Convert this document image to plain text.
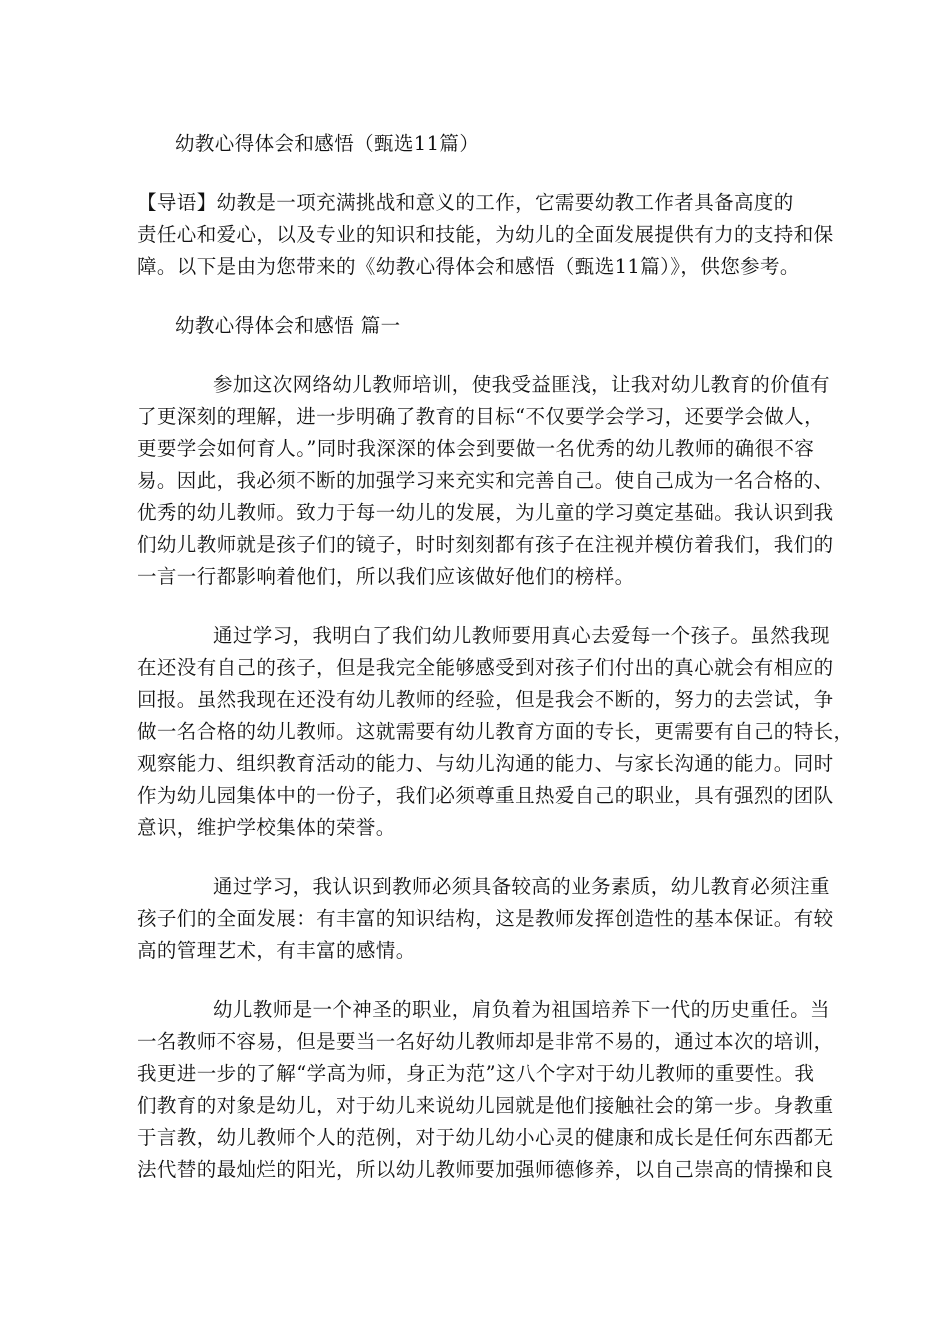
幼教心得体会和感悟（甄选11篇）
【导语】幼教是一项充满挑战和意义的工作，它需要幼教工作者具备高度的
责任心和爱心，以及专业的知识和技能，为幼儿的全面发展提供有力的支持和保
障。以下是由为您带来的《幼教心得体会和感悟（甄选11篇）》，供您参考。
幼教心得体会和感悟 篇一
参加这次网络幼儿教师培训，使我受益匪浅，让我对幼儿教育的价值有
了更深刻的理解，进一步明确了教育的目标“不仅要学会学习，还要学会做人，
更要学会如何育人。”同时我深深的体会到要做一名优秀的幼儿教师的确很不容
易。因此，我必须不断的加强学习来充实和完善自己。使自己成为一名合格的、
优秀的幼儿教师。致力于每一幼儿的发展，为儿童的学习奠定基础。我认识到我
们幼儿教师就是孩子们的镜子，时时刻刻都有孩子在注视并模仿着我们，我们的
一言一行都影响着他们，所以我们应该做好他们的榜样。
通过学习，我明白了我们幼儿教师要用真心去爱每一个孩子。虽然我现
在还没有自己的孩子，但是我完全能够感受到对孩子们付出的真心就会有相应的
回报。虽然我现在还没有幼儿教师的经验，但是我会不断的，努力的去尝试，争
做一名合格的幼儿教师。这就需要有幼儿教育方面的专长，更需要有自己的特长，
观察能力、组织教育活动的能力、与幼儿沟通的能力、与家长沟通的能力。同时
作为幼儿园集体中的一份子，我们必须尊重且热爱自己的职业，具有强烈的团队
意识，维护学校集体的荣誉。
通过学习，我认识到教师必须具备较高的业务素质，幼儿教育必须注重
孩子们的全面发展：有丰富的知识结构，这是教师发挥创造性的基本保证。有较
高的管理艺术，有丰富的感情。
幼儿教师是一个神圣的职业，肩负着为祖国培养下一代的历史重任。当
一名教师不容易，但是要当一名好幼儿教师却是非常不易的，通过本次的培训，
我更进一步的了解“学高为师，身正为范”这八个字对于幼儿教师的重要性。我
们教育的对象是幼儿，对于幼儿来说幼儿园就是他们接触社会的第一步。身教重
于言教，幼儿教师个人的范例，对于幼儿幼小心灵的健康和成长是任何东西都无
法代替的最灿烂的阳光，所以幼儿教师要加强师德修养，以自己崇高的情操和良
